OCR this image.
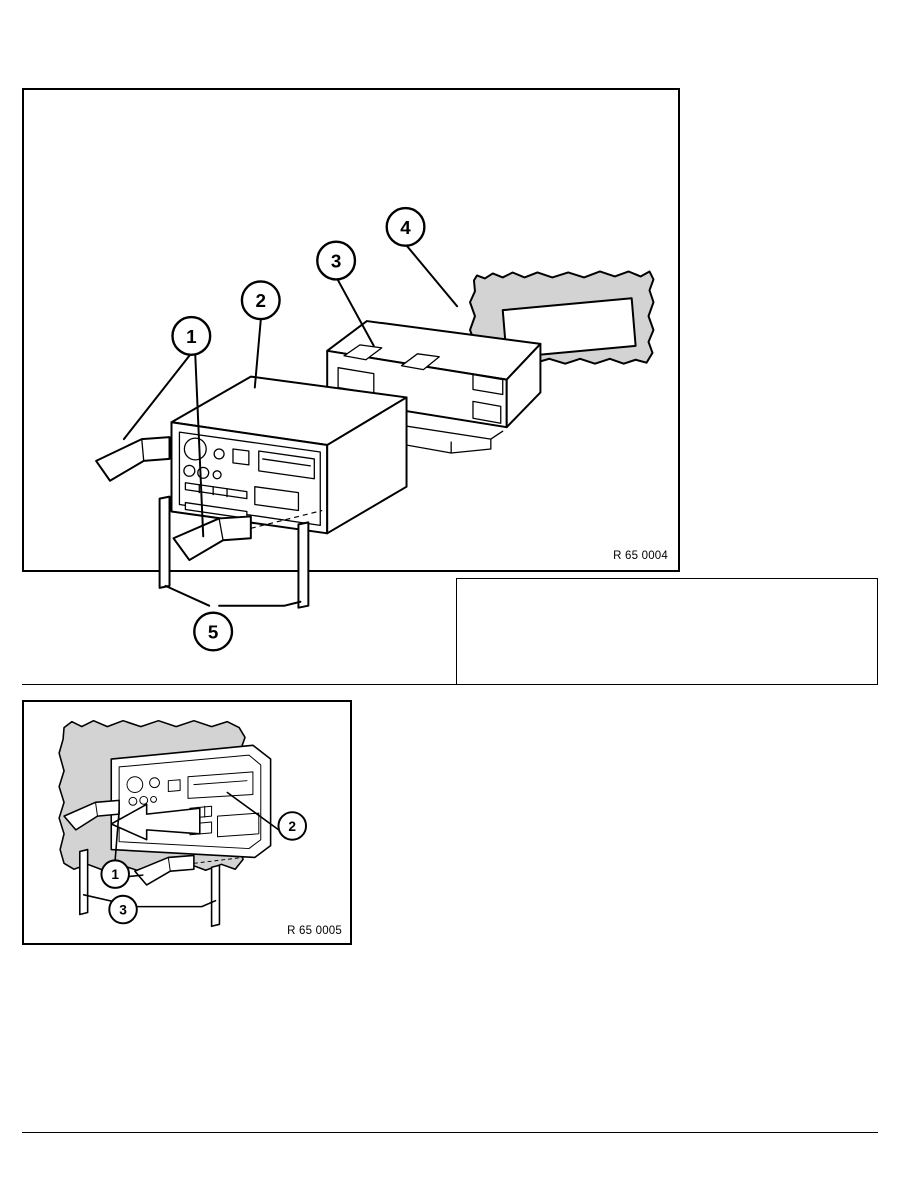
1
2
3
4
5
R 65 0004
2
1
3
R 65 0005
